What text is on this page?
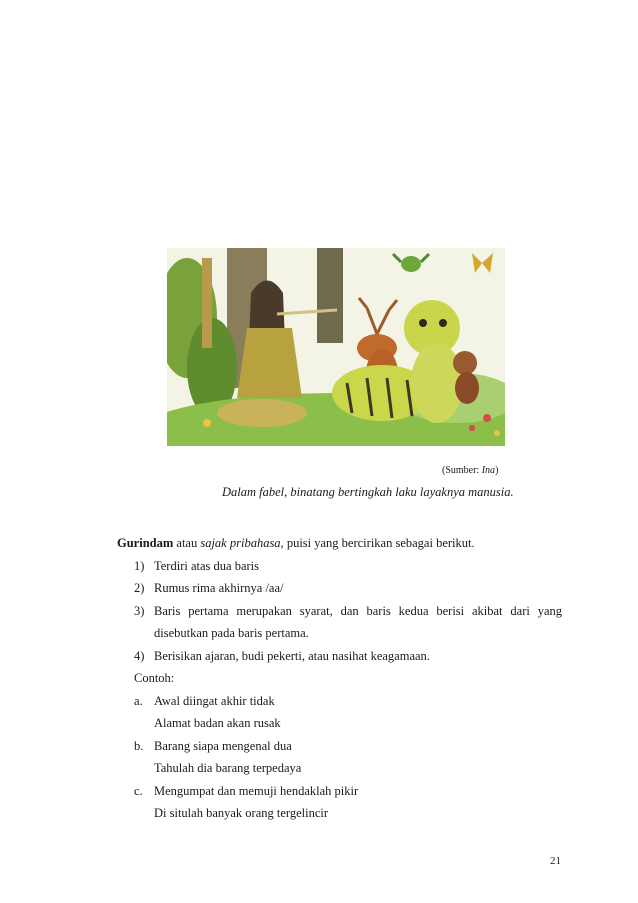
(Sumber: Ina)
Dalam fabel, binatang bertingkah laku layaknya manusia.
Gurindam atau sajak pribahasa, puisi yang bercirikan sebagai berikut.
1) Terdiri atas dua baris
2) Rumus rima akhirnya /aa/
3) Baris pertama merupakan syarat, dan baris kedua berisi akibat dari yang disebutkan pada baris pertama.
4) Berisikan ajaran, budi pekerti, atau nasihat keagamaan.
Contoh:
a. Awal diingat akhir tidak
Alamat badan akan rusak
b. Barang siapa mengenal dua
Tahulah dia barang terpedaya
c. Mengumpat dan memuji hendaklah pikir
Di situlah banyak orang tergelincir
21
